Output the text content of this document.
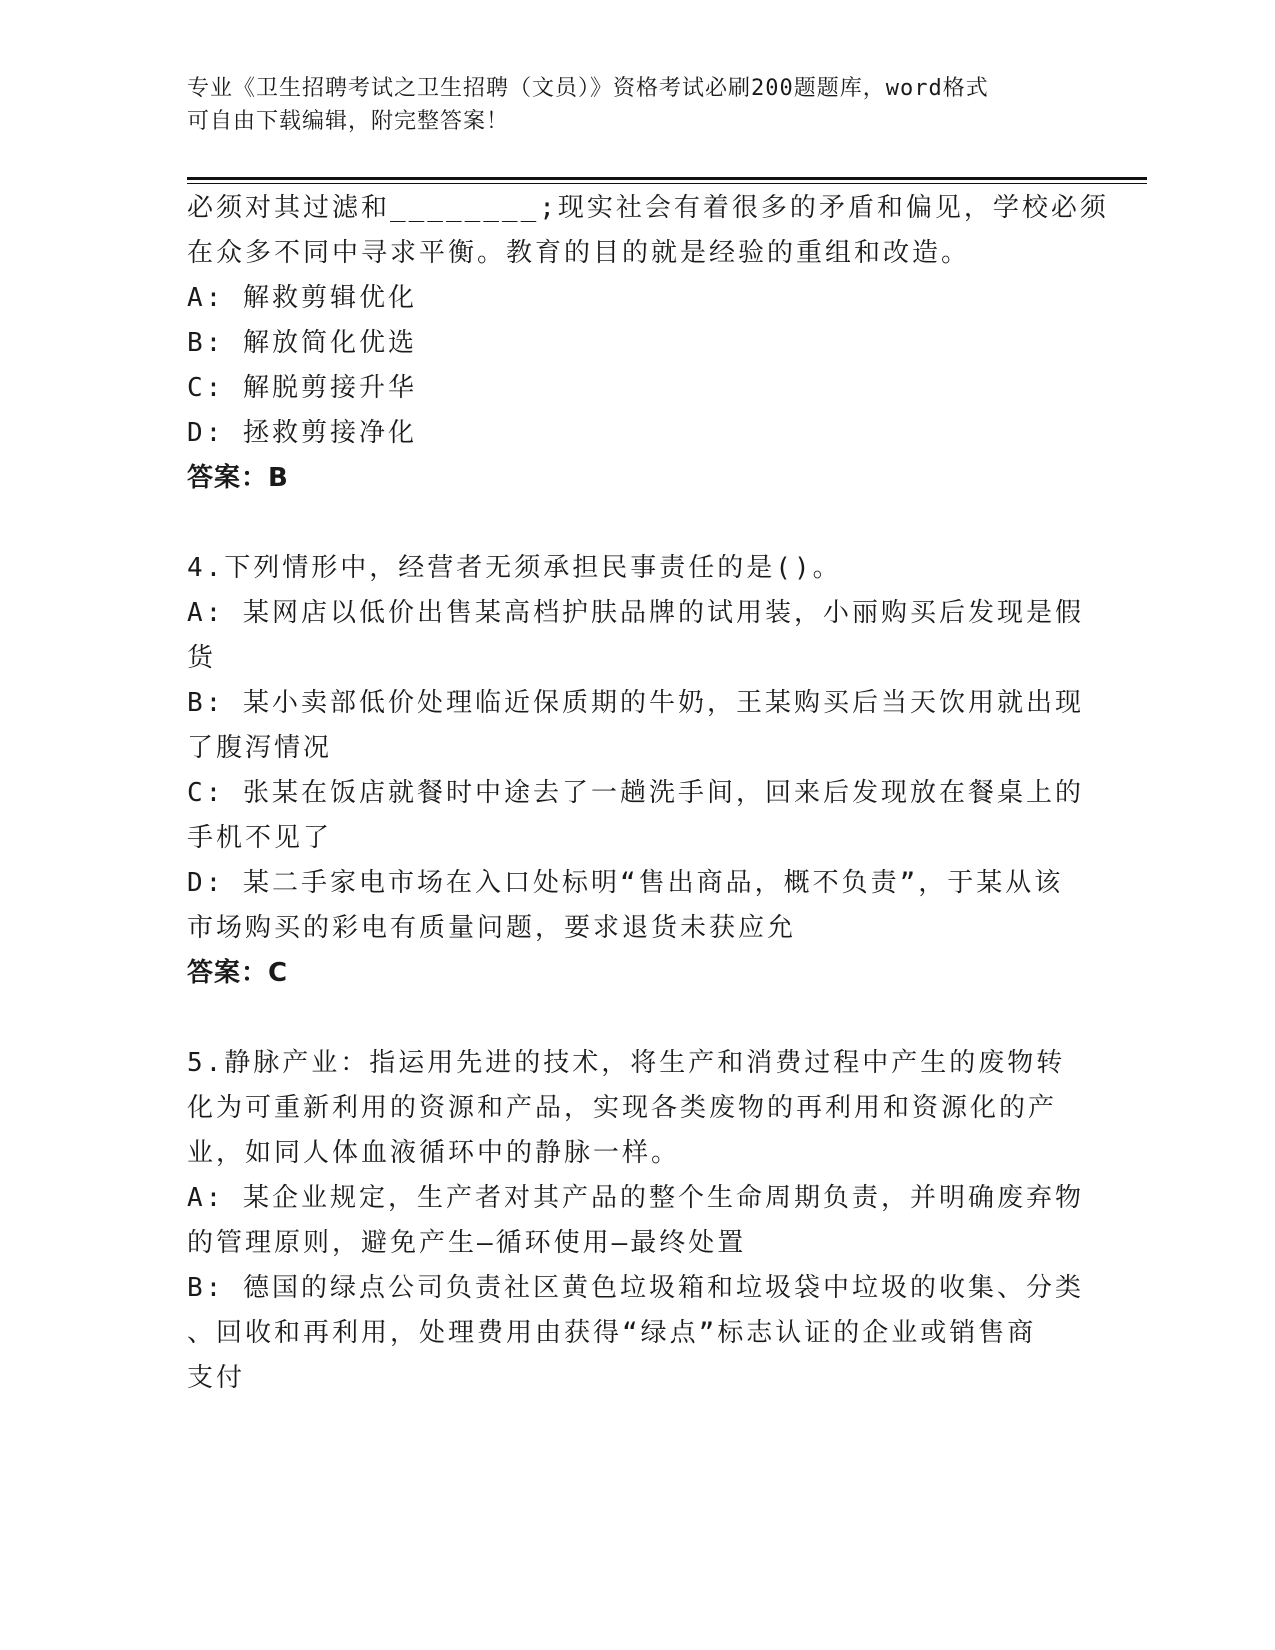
专业《卫生招聘考试之卫生招聘（文员）》资格考试必刷200题题库，word格式
可自由下载编辑，附完整答案！
必须对其过滤和________;现实社会有着很多的矛盾和偏见，学校必须
在众多不同中寻求平衡。教育的目的就是经验的重组和改造。
A: 解救剪辑优化
B: 解放简化优选
C: 解脱剪接升华
D: 拯救剪接净化
答案：B
4.下列情形中，经营者无须承担民事责任的是()。
A: 某网店以低价出售某高档护肤品牌的试用装，小丽购买后发现是假
货
B: 某小卖部低价处理临近保质期的牛奶，王某购买后当天饮用就出现
了腹泻情况
C: 张某在饭店就餐时中途去了一趟洗手间，回来后发现放在餐桌上的
手机不见了
D: 某二手家电市场在入口处标明“售出商品，概不负责”，于某从该
市场购买的彩电有质量问题，要求退货未获应允
答案：C
5.静脉产业：指运用先进的技术，将生产和消费过程中产生的废物转
化为可重新利用的资源和产品，实现各类废物的再利用和资源化的产
业，如同人体血液循环中的静脉一样。
A: 某企业规定，生产者对其产品的整个生命周期负责，并明确废弃物
的管理原则，避免产生—循环使用—最终处置
B: 德国的绿点公司负责社区黄色垃圾箱和垃圾袋中垃圾的收集、分类
、回收和再利用，处理费用由获得“绿点”标志认证的企业或销售商
支付
